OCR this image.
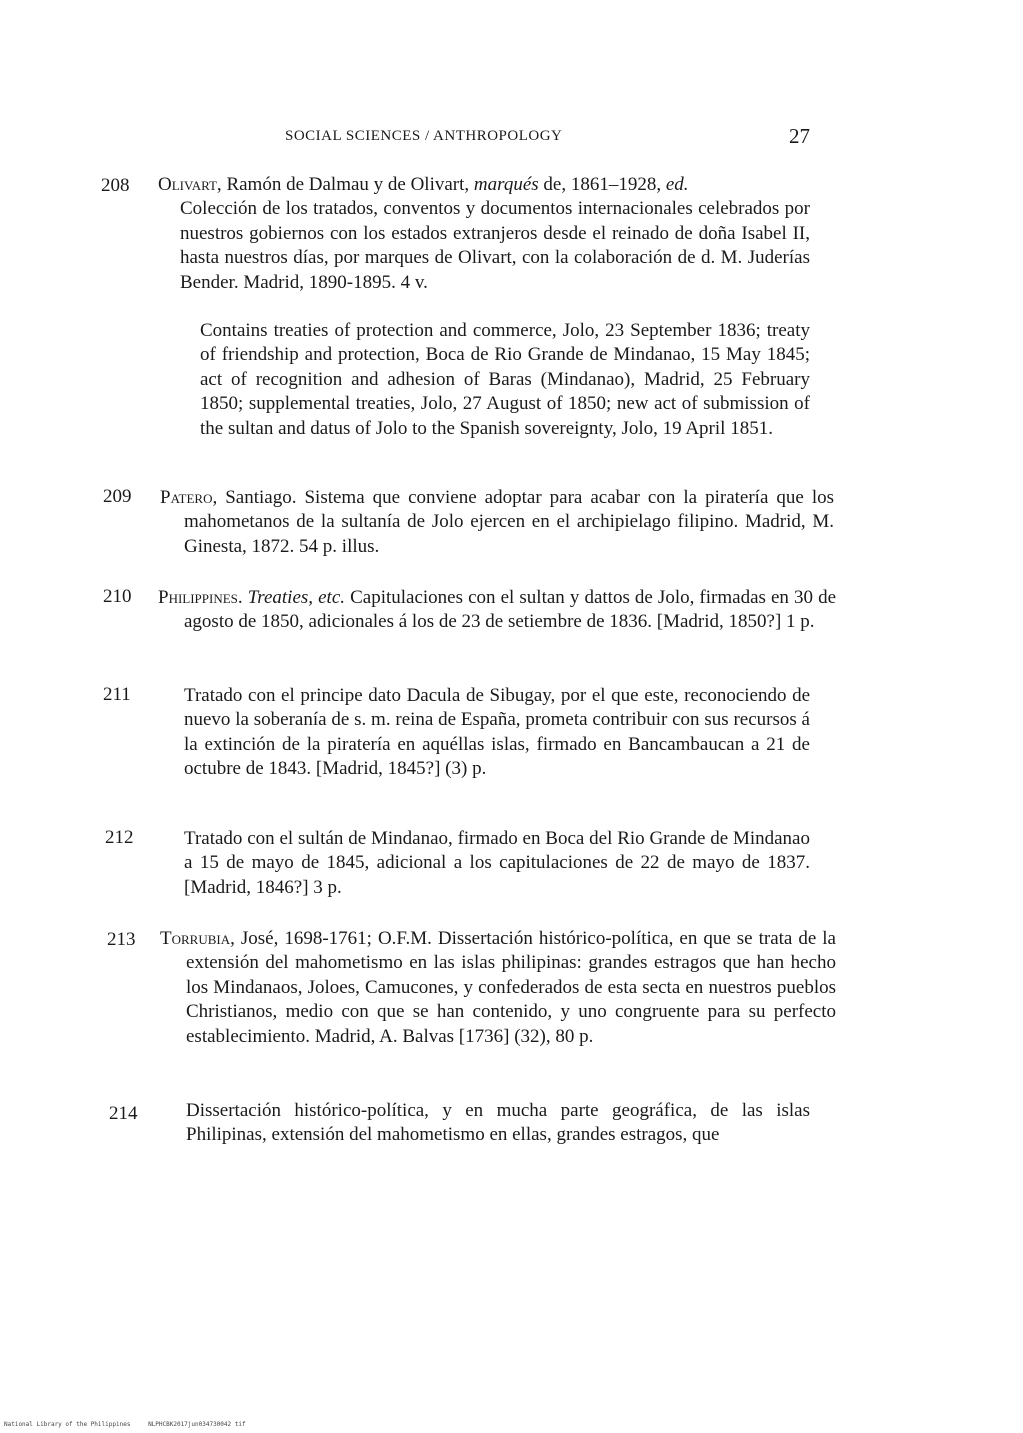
SOCIAL SCIENCES / ANTHROPOLOGY	27
208 Olivart, Ramón de Dalmau y de Olivart, marqués de, 1861–1928, ed.
Colección de los tratados, conventos y documentos internacionales celebrados por nuestros gobiernos con los estados extranjeros desde el reinado de doña Isabel II, hasta nuestros días, por marques de Olivart, con la colaboración de d. M. Juderías Bender. Madrid, 1890-1895. 4 v.
Contains treaties of protection and commerce, Jolo, 23 September 1836; treaty of friendship and protection, Boca de Rio Grande de Mindanao, 15 May 1845; act of recognition and adhesion of Baras (Mindanao), Madrid, 25 February 1850; supplemental treaties, Jolo, 27 August of 1850; new act of submission of the sultan and datus of Jolo to the Spanish sovereignty, Jolo, 19 April 1851.
209 Patero, Santiago. Sistema que conviene adoptar para acabar con la piratería que los mahometanos de la sultanía de Jolo ejercen en el archipielago filipino. Madrid, M. Ginesta, 1872. 54 p. illus.
210 Philippines. Treaties, etc. Capitulaciones con el sultan y dattos de Jolo, firmadas en 30 de agosto de 1850, adicionales á los de 23 de setiembre de 1836. [Madrid, 1850?] 1 p.
211	Tratado con el principe dato Dacula de Sibugay, por el que este, reconociendo de nuevo la soberanía de s. m. reina de España, prometa contribuir con sus recursos á la extinción de la piratería en aquéllas islas, firmado en Bancambaucan a 21 de octubre de 1843. [Madrid, 1845?] (3) p.
212	Tratado con el sultán de Mindanao, firmado en Boca del Rio Grande de Mindanao a 15 de mayo de 1845, adicional a los capitulaciones de 22 de mayo de 1837. [Madrid, 1846?] 3 p.
213 Torrubia, José, 1698-1761; O.F.M. Dissertación histórico-política, en que se trata de la extensión del mahometismo en las islas philipinas: grandes estragos que han hecho los Mindanaos, Joloes, Camucones, y confederados de esta secta en nuestros pueblos Christianos, medio con que se han contenido, y uno congruente para su perfecto establecimiento. Madrid, A. Balvas [1736] (32), 80 p.
214	Dissertación histórico-política, y en mucha parte geográfica, de las islas Philipinas, extensión del mahometismo en ellas, grandes estragos, que
National Library of the Philippines	NLPHCBK2017jun034730042 tif
